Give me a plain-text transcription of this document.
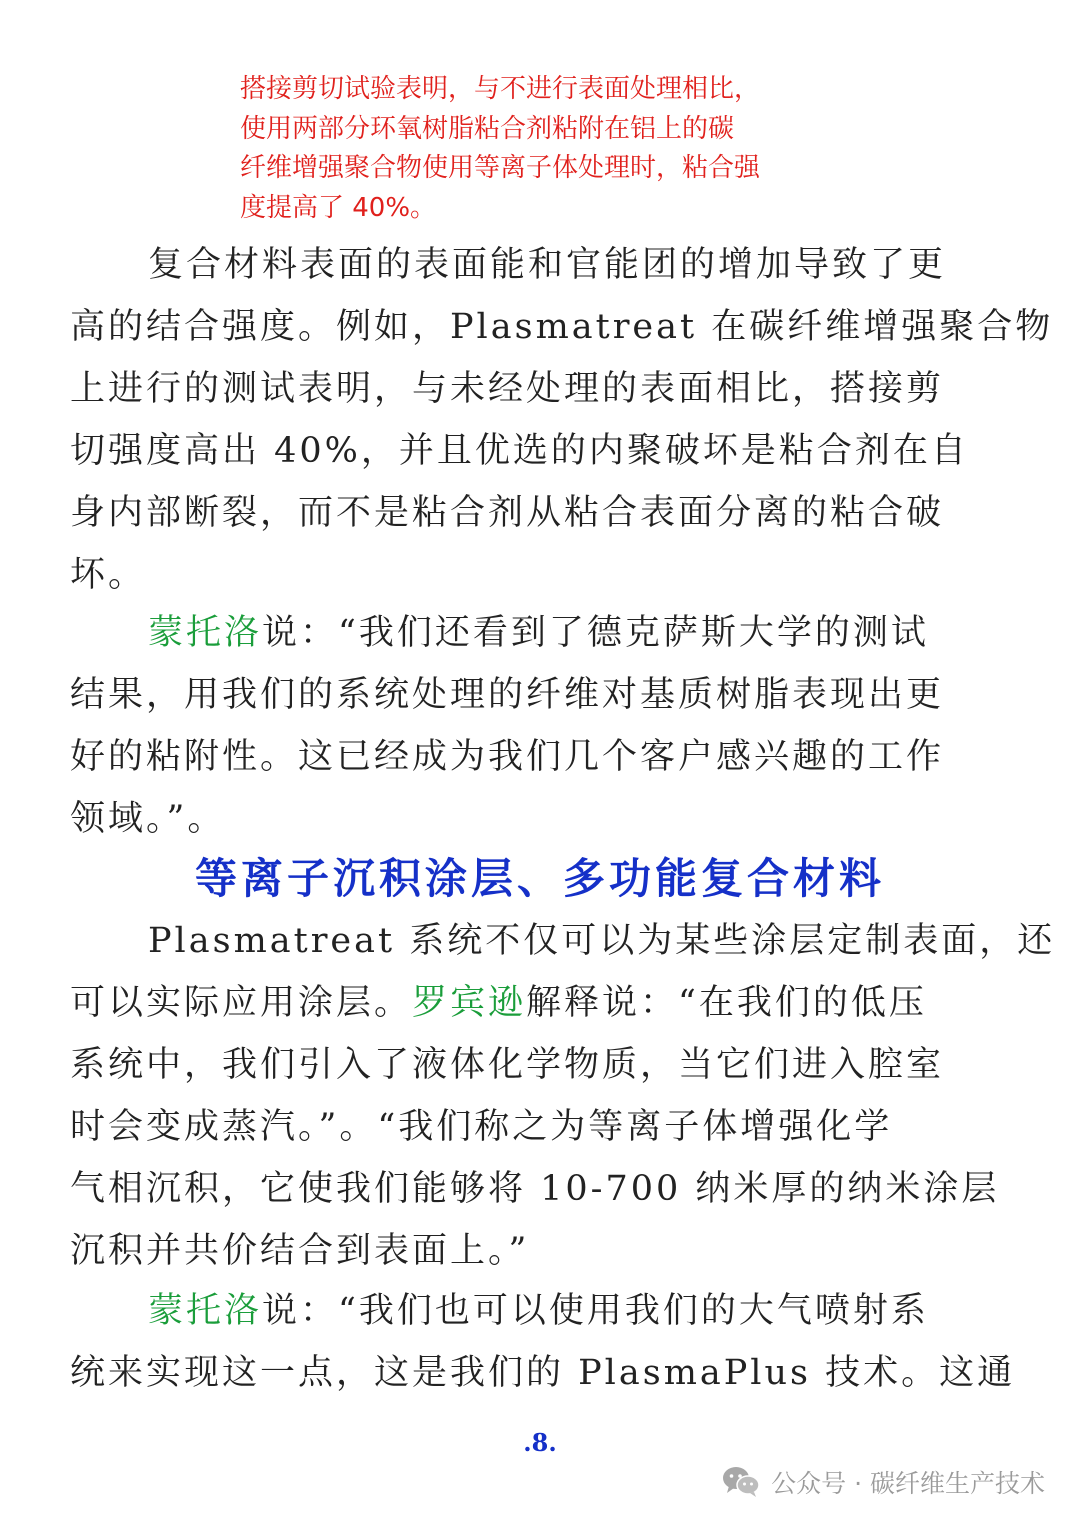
搭接剪切试验表明，与不进行表面处理相比，
使用两部分环氧树脂粘合剂粘附在铝上的碳
纤维增强聚合物使用等离子体处理时，粘合强
度提高了 40%。
复合材料表面的表面能和官能团的增加导致了更
高的结合强度。例如，Plasmatreat 在碳纤维增强聚合物
上进行的测试表明，与未经处理的表面相比，搭接剪
切强度高出 40%，并且优选的内聚破坏是粘合剂在自
身内部断裂，而不是粘合剂从粘合表面分离的粘合破
坏。
蒙托洛说：“我们还看到了德克萨斯大学的测试
结果，用我们的系统处理的纤维对基质树脂表现出更
好的粘附性。这已经成为我们几个客户感兴趣的工作
领域。”。
等离子沉积涂层、多功能复合材料
Plasmatreat 系统不仅可以为某些涂层定制表面，还
可以实际应用涂层。罗宾逊解释说：“在我们的低压
系统中，我们引入了液体化学物质，当它们进入腔室
时会变成蒸汽。”。“我们称之为等离子体增强化学
气相沉积，它使我们能够将 10-700 纳米厚的纳米涂层
沉积并共价结合到表面上。”
蒙托洛说：“我们也可以使用我们的大气喷射系
统来实现这一点，这是我们的 PlasmaPlus 技术。这通
.8.
公众号 · 碳纤维生产技术
